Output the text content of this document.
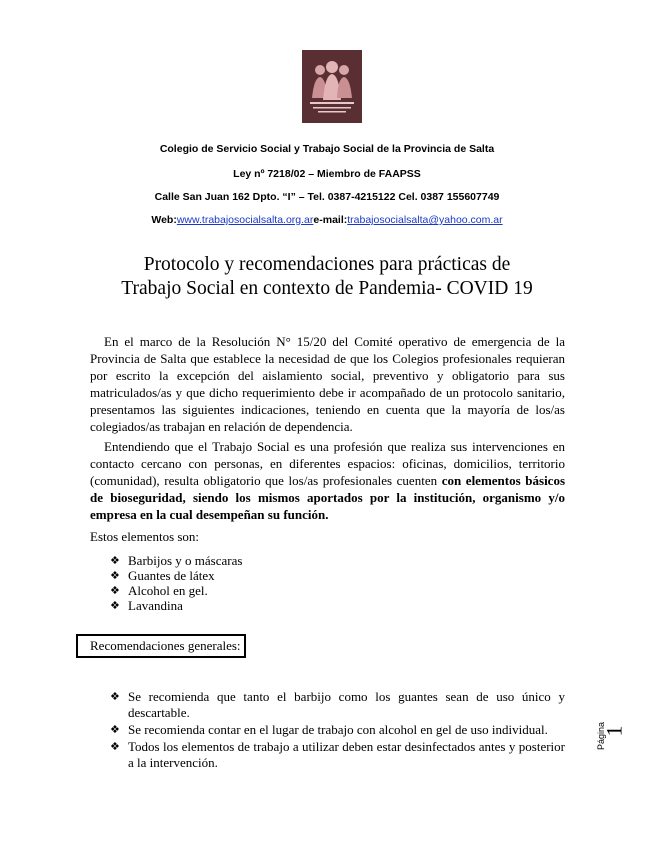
Colegio de Servicio Social y Trabajo Social de la Provincia de Salta
Ley nº 7218/02 – Miembro de FAAPSS
Calle San Juan 162 Dpto. “I” – Tel. 0387-4215122 Cel. 0387 155607749
Web:www.trabajosocialsalta.org.are-mail:trabajosocialsalta@yahoo.com.ar
Protocolo y recomendaciones para prácticas de
Trabajo Social en contexto de Pandemia- COVID 19
En el marco de la Resolución N° 15/20 del Comité operativo de emergencia de la Provincia de Salta que establece la necesidad de que los Colegios profesionales requieran por escrito la excepción del aislamiento social, preventivo y obligatorio para sus matriculados/as y que dicho requerimiento debe ir acompañado de un protocolo sanitario, presentamos las siguientes indicaciones, teniendo en cuenta que la mayoría de los/as colegiados/as trabajan en relación de dependencia.
Entendiendo que el Trabajo Social es una profesión que realiza sus intervenciones en contacto cercano con personas, en diferentes espacios: oficinas, domicilios, territorio (comunidad), resulta obligatorio que los/as profesionales cuenten con elementos básicos de bioseguridad, siendo los mismos aportados por la institución, organismo y/o empresa en la cual desempeñan su función.
Estos elementos son:
❖ Barbijos y o máscaras
❖ Guantes de látex
❖ Alcohol en gel.
❖ Lavandina
Recomendaciones generales:
❖ Se recomienda que tanto el barbijo como los guantes sean de uso único y descartable.
❖ Se recomienda contar en el lugar de trabajo con alcohol en gel de uso individual.
❖ Todos los elementos de trabajo a utilizar deben estar desinfectados antes y posterior a la intervención.
Página
1
